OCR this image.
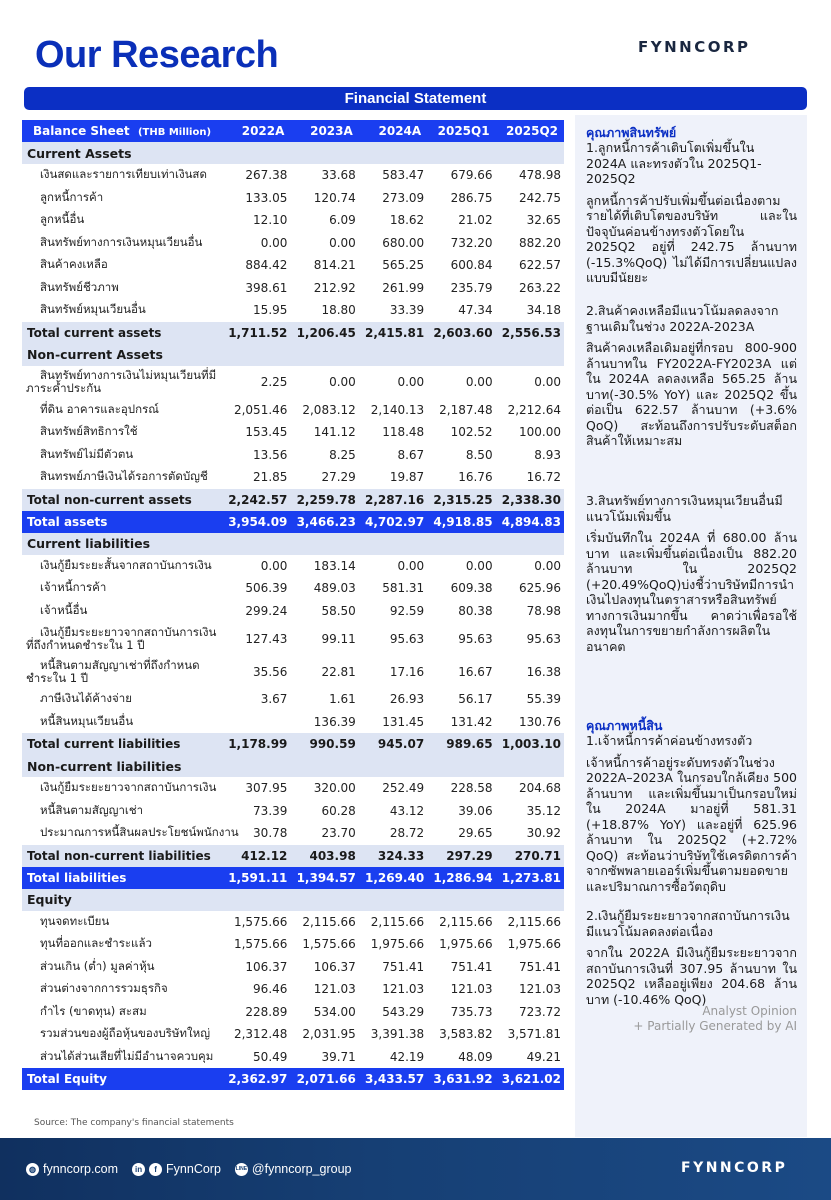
Our Research	FYNNCORP
Financial Statement
Balance Sheet (THB Million)	2022A	2023A	2024A	2025Q1	2025Q2
Current Assets					
เงินสดและรายการเทียบเท่าเงินสด	267.38	33.68	583.47	679.66	478.98
ลูกหนี้การค้า	133.05	120.74	273.09	286.75	242.75
ลูกหนี้อื่น	12.10	6.09	18.62	21.02	32.65
สินทรัพย์ทางการเงินหมุนเวียนอื่น	0.00	0.00	680.00	732.20	882.20
สินค้าคงเหลือ	884.42	814.21	565.25	600.84	622.57
สินทรัพย์ชีวภาพ	398.61	212.92	261.99	235.79	263.22
สินทรัพย์หมุนเวียนอื่น	15.95	18.80	33.39	47.34	34.18
Total current assets	1,711.52	1,206.45	2,415.81	2,603.60	2,556.53
Non-current Assets					
สินทรัพย์ทางการเงินไม่หมุนเวียนที่มีภาระค้ำประกัน	2.25	0.00	0.00	0.00	0.00
ที่ดิน อาคารและอุปกรณ์	2,051.46	2,083.12	2,140.13	2,187.48	2,212.64
สินทรัพย์สิทธิการใช้	153.45	141.12	118.48	102.52	100.00
สินทรัพย์ไม่มีตัวตน	13.56	8.25	8.67	8.50	8.93
สินทรพย์ภาษีเงินได้รอการตัดบัญชี	21.85	27.29	19.87	16.76	16.72
Total non-current assets	2,242.57	2,259.78	2,287.16	2,315.25	2,338.30
Total assets	3,954.09	3,466.23	4,702.97	4,918.85	4,894.83
Current liabilities					
เงินกู้ยืมระยะสั้นจากสถาบันการเงิน	0.00	183.14	0.00	0.00	0.00
เจ้าหนี้การค้า	506.39	489.03	581.31	609.38	625.96
เจ้าหนี้อื่น	299.24	58.50	92.59	80.38	78.98
เงินกู้ยืมระยะยาวจากสถาบันการเงินที่ถึงกำหนดชำระใน 1 ปี	127.43	99.11	95.63	95.63	95.63
หนี้สินตามสัญญาเช่าที่ถึงกำหนดชำระใน 1 ปี	35.56	22.81	17.16	16.67	16.38
ภาษีเงินได้ค้างจ่าย	3.67	1.61	26.93	56.17	55.39
หนี้สินหมุนเวียนอื่น		136.39	131.45	131.42	130.76
Total current liabilities	1,178.99	990.59	945.07	989.65	1,003.10
Non-current liabilities					
เงินกู้ยืมระยะยาวจากสถาบันการเงิน	307.95	320.00	252.49	228.58	204.68
หนี้สินตามสัญญาเช่า	73.39	60.28	43.12	39.06	35.12
ประมาณการหนี้สินผลประโยชน์พนักงาน	30.78	23.70	28.72	29.65	30.92
Total non-current liabilities	412.12	403.98	324.33	297.29	270.71
Total liabilities	1,591.11	1,394.57	1,269.40	1,286.94	1,273.81
Equity					
ทุนจดทะเบียน	1,575.66	2,115.66	2,115.66	2,115.66	2,115.66
ทุนที่ออกและชำระแล้ว	1,575.66	1,575.66	1,975.66	1,975.66	1,975.66
ส่วนเกิน (ต่ำ) มูลค่าหุ้น	106.37	106.37	751.41	751.41	751.41
ส่วนต่างจากการรวมธุรกิจ	96.46	121.03	121.03	121.03	121.03
กำไร (ขาดทุน) สะสม	228.89	534.00	543.29	735.73	723.72
รวมส่วนของผู้ถือหุ้นของบริษัทใหญ่	2,312.48	2,031.95	3,391.38	3,583.82	3,571.81
ส่วนได้ส่วนเสียที่ไม่มีอำนาจควบคุม	50.49	39.71	42.19	48.09	49.21
Total Equity	2,362.97	2,071.66	3,433.57	3,631.92	3,621.02
Source: The company's financial statements
คุณภาพสินทรัพย์
1.ลูกหนี้การค้าเติบโตเพิ่มขึ้นใน 2024A และทรงตัวใน 2025Q1-2025Q2
ลูกหนี้การค้าปรับเพิ่มขึ้นต่อเนื่องตามรายได้ที่เติบโตของบริษัท และในปัจจุบันค่อนข้างทรงตัวโดยใน 2025Q2 อยู่ที่ 242.75 ล้านบาท (-15.3%QoQ) ไม่ได้มีการเปลี่ยนแปลงแบบมีนัยยะ
2.สินค้าคงเหลือมีแนวโน้มลดลงจากฐานเดิมในช่วง 2022A-2023A
สินค้าคงเหลือเดิมอยู่ที่กรอบ 800-900 ล้านบาทใน FY2022A-FY2023A แต่ใน 2024A ลดลงเหลือ 565.25 ล้านบาท(-30.5% YoY) และ 2025Q2 ขึ้นต่อเป็น 622.57 ล้านบาท (+3.6% QoQ) สะท้อนถึงการปรับระดับสต็อกสินค้าให้เหมาะสม
3.สินทรัพย์ทางการเงินหมุนเวียนอื่นมีแนวโน้มเพิ่มขึ้น
เริ่มบันทึกใน 2024A ที่ 680.00 ล้านบาท และเพิ่มขึ้นต่อเนื่องเป็น 882.20 ล้านบาท ใน 2025Q2 (+20.49%QoQ)บ่งชี้ว่าบริษัทมีการนำเงินไปลงทุนในตราสารหรือสินทรัพย์ทางการเงินมากขึ้น คาดว่าเพื่อรอใช้ลงทุนในการขยายกำลังการผลิตในอนาคต
คุณภาพหนี้สิน
1.เจ้าหนี้การค้าค่อนข้างทรงตัว
เจ้าหนี้การค้าอยู่ระดับทรงตัวในช่วง 2022A–2023A ในกรอบใกล้เคียง 500 ล้านบาท และเพิ่มขึ้นมาเป็นกรอบใหม่ใน 2024A มาอยู่ที่ 581.31 (+18.87% YoY) และอยู่ที่ 625.96 ล้านบาท ใน 2025Q2 (+2.72% QoQ) สะท้อนว่าบริษัทใช้เครดิตการค้าจากซัพพลายเออร์เพิ่มขึ้นตามยอดขายและปริมาณการซื้อวัตถุดิบ
2.เงินกู้ยืมระยะยาวจากสถาบันการเงินมีแนวโน้มลดลงต่อเนื่อง
จากใน 2022A มีเงินกู้ยืมระยะยาวจากสถาบันการเงินที่ 307.95 ล้านบาท ใน 2025Q2 เหลืออยู่เพียง 204.68 ล้านบาท (-10.46% QoQ)
Analyst Opinion
+ Partially Generated by AI
◍ fynncorp.com	in	f FynnCorp	LINE @fynncorp_group	FYNNCORP
